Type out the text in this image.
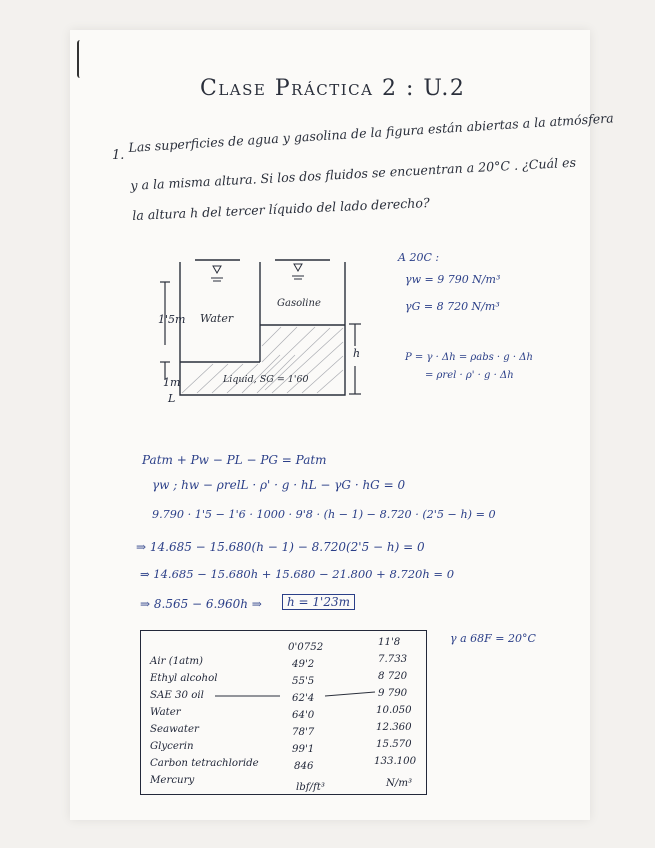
Clase Práctica 2 : U.2
1.
Las superficies de agua y gasolina de la figura están abiertas a la atmósfera
y a la misma altura. Si los dos fluidos se encuentran a 20°C . ¿Cuál es
la altura h del tercer líquido del lado derecho?
Water
Gasoline
Liquid, SG = 1'60
1'5m
1m
L
h
A 20C :
γw = 9 790 N/m³
γG = 8 720 N/m³
P = γ · Δh = ρabs · g · Δh
= ρrel · ρ' · g · Δh
Patm + Pw − PL − PG = Patm
γw ; hw − ρrelL · ρ' · g · hL − γG · hG = 0
9.790 · 1'5 − 1'6 · 1000 · 9'8 · (h − 1) − 8.720 · (2'5 − h) = 0
⇒ 14.685 − 15.680(h − 1) − 8.720(2'5 − h) = 0
⇒ 14.685 − 15.680h + 15.680 − 21.800 + 8.720h = 0
⇒ 8.565 − 6.960h ⇒	h = 1'23m
γ a 68F = 20°C
Air (1atm)
Ethyl alcohol
SAE 30 oil
Water
Seawater
Glycerin
Carbon tetrachloride
Mercury
0'0752
49'2
55'5
62'4
64'0
78'7
99'1
846
11'8
7.733
8 720
9 790
10.050
12.360
15.570
133.100
lbf/ft³	N/m³
